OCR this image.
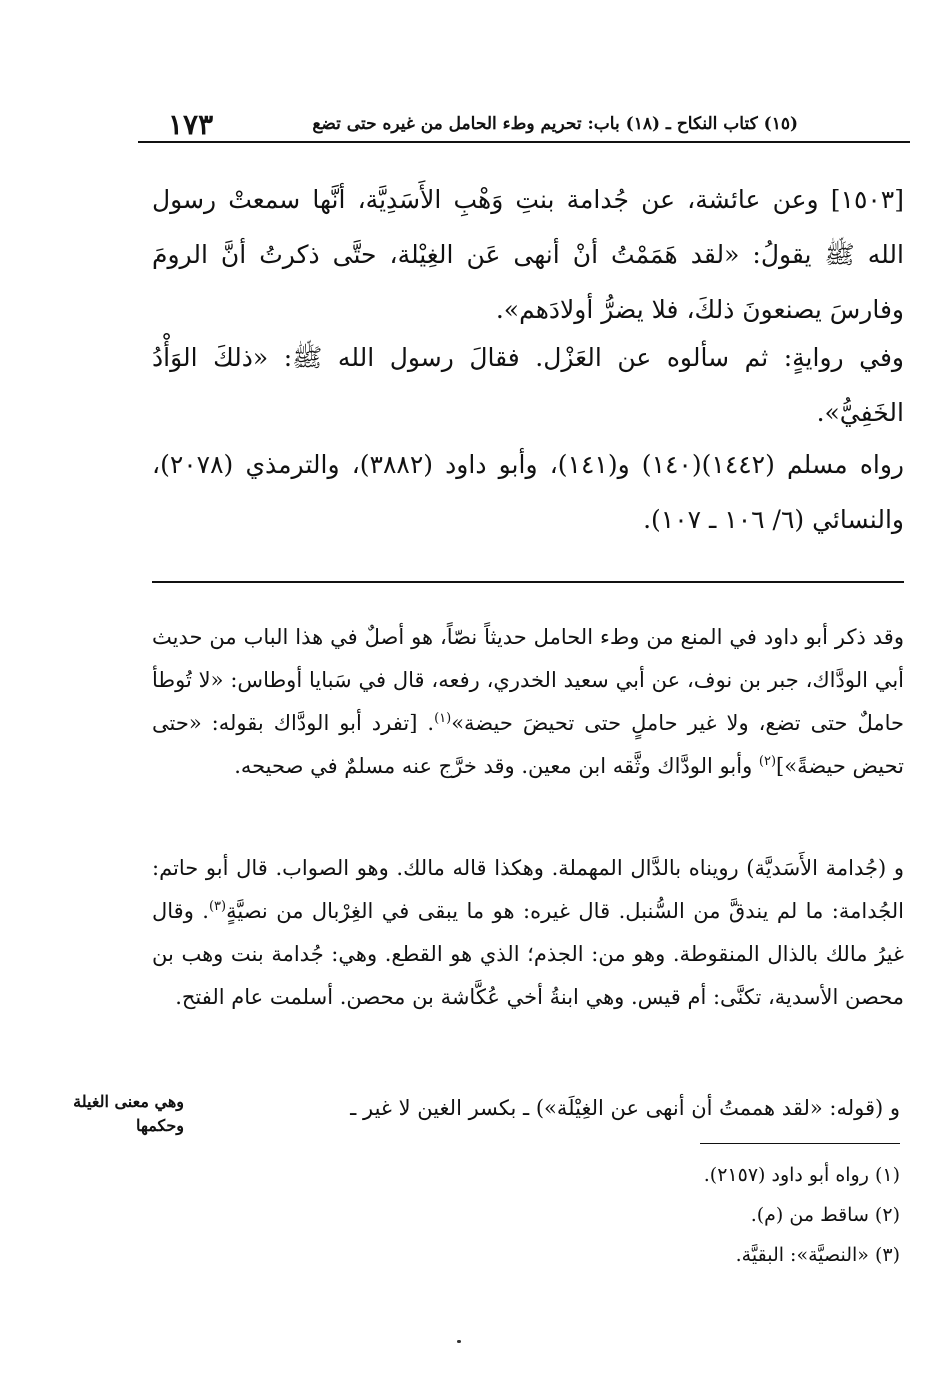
(١٥) كتاب النكاح ـ (١٨) باب: تحريم وطء الحامل من غيره حتى تضع
١٧٣

[١٥٠٣] وعن عائشة، عن جُدامة بنتِ وَهْبِ الأَسَدِيَّة، أنَّها سمعتْ رسول الله ﷺ يقولُ: «لقد هَمَمْتُ أنْ أنهى عَن الغِيْلة، حتَّى ذكرتُ أنَّ الرومَ وفارسَ يصنعونَ ذلكَ، فلا يضرُّ أولادَهم».

وفي روايةٍ: ثم سألوه عن العَزْل. فقالَ رسول الله ﷺ: «ذلكَ الوَأْدُ الخَفِيُّ».

رواه مسلم (١٤٤٢)(١٤٠) و(١٤١)، وأبو داود (٣٨٨٢)، والترمذي (٢٠٧٨)، والنسائي (٦/ ١٠٦ ـ ١٠٧).

وقد ذكر أبو داود في المنع من وطء الحامل حديثاً نصّاً، هو أصلٌ في هذا الباب من حديث أبي الودَّاك، جبر بن نوف، عن أبي سعيد الخدري، رفعه، قال في سَبايا أوطاس: «لا تُوطأ حاملٌ حتى تضع، ولا غير حاملٍ حتى تحيضَ حيضة»$^{(١)}$. [تفرد أبو الودَّاك بقوله: «حتى تحيض حيضةً»]$^{(٢)}$ وأبو الودَّاك وثَّقه ابن معين. وقد خرَّج عنه مسلمٌ في صحيحه.

و (جُدامة الأَسَديَّة) رويناه بالدَّال المهملة. وهكذا قاله مالك. وهو الصواب. قال أبو حاتم: الجُدامة: ما لم يندقَّ من السُّنبل. قال غيره: هو ما يبقى في الغِرْبال من نصيَّةٍ$^{(٣)}$. وقال غيرُ مالك بالذال المنقوطة. وهو من: الجذم؛ الذي هو القطع. وهي: جُدامة بنت وهب بن محصن الأسدية، تكنَّى: أم قيس. وهي ابنةُ أخي عُكَّاشة بن محصن. أسلمت عام الفتح.

و (قوله: «لقد هممتُ أن أنهى عن الغِيْلَة») ـ بكسر الغين لا غير ـ

وهي معنى الغيلة وحكمها

(١) رواه أبو داود (٢١٥٧).

(٢) ساقط من (م).

(٣) «النصيَّة»: البقيَّة.
